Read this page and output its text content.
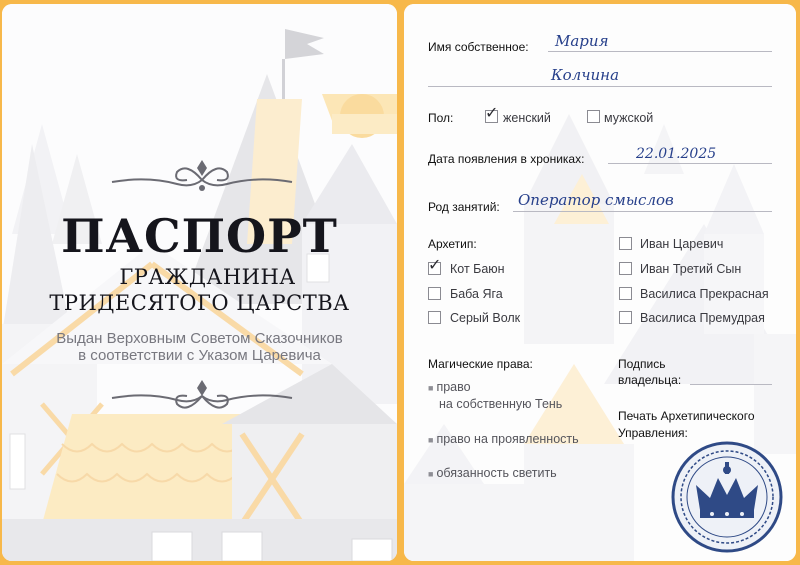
ПАСПОРТ
ГРАЖДАНИНА
ТРИДЕСЯТОГО ЦАРСТВА
Выдан Верховным Советом Сказочников
в соответствии с Указом Царевича
Имя собственное: Мария
Колчина
Пол: ✓ женский	мужской
Дата появления в хрониках:	22.01.2025
Род занятий: Оператор смыслов
Архетип:
✓ Кот Баюн
Баба Яга
Серый Волк
Иван Царевич
Иван Третий Сын
Василиса Прекрасная
Василиса Премудрая
Магические права:
■ право
на собственную Тень
■ право на проявленность
■ обязанность светить
Подпись
владельца:
Печать Архетипического
Управления:
